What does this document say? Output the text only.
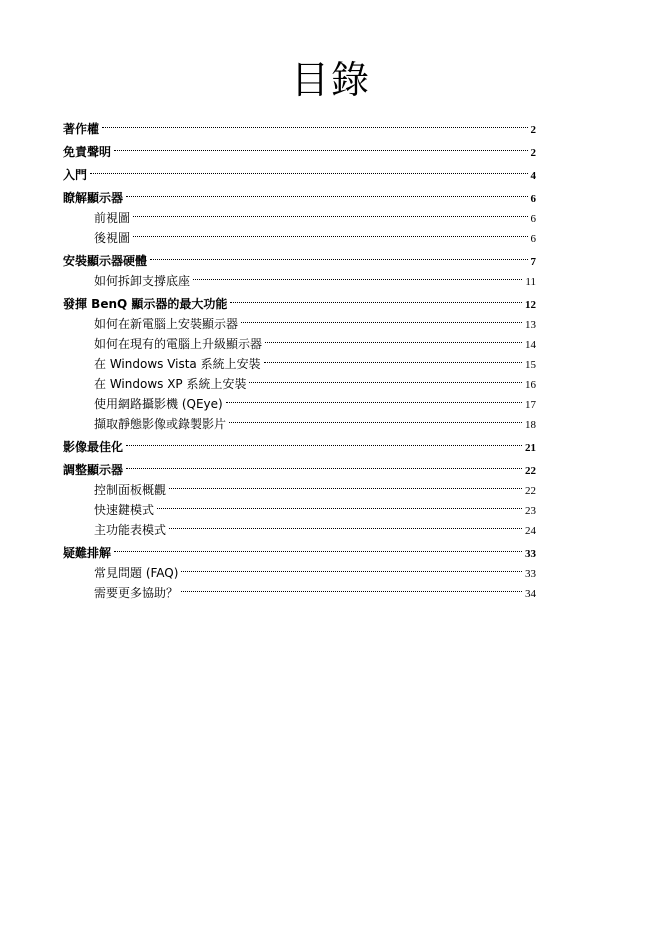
目錄
著作權	2
免責聲明	2
入門	4
瞭解顯示器	6
前視圖	6
後視圖	6
安裝顯示器硬體	7
如何拆卸支撐底座	11
發揮 BenQ 顯示器的最大功能	12
如何在新電腦上安裝顯示器	13
如何在現有的電腦上升級顯示器	14
在 Windows Vista 系統上安裝	15
在 Windows XP 系統上安裝	16
使用網路攝影機 (QEye)	17
擷取靜態影像或錄製影片	18
影像最佳化	21
調整顯示器	22
控制面板概觀	22
快速鍵模式	23
主功能表模式	24
疑難排解	33
常見問題 (FAQ)	33
需要更多協助？	34
